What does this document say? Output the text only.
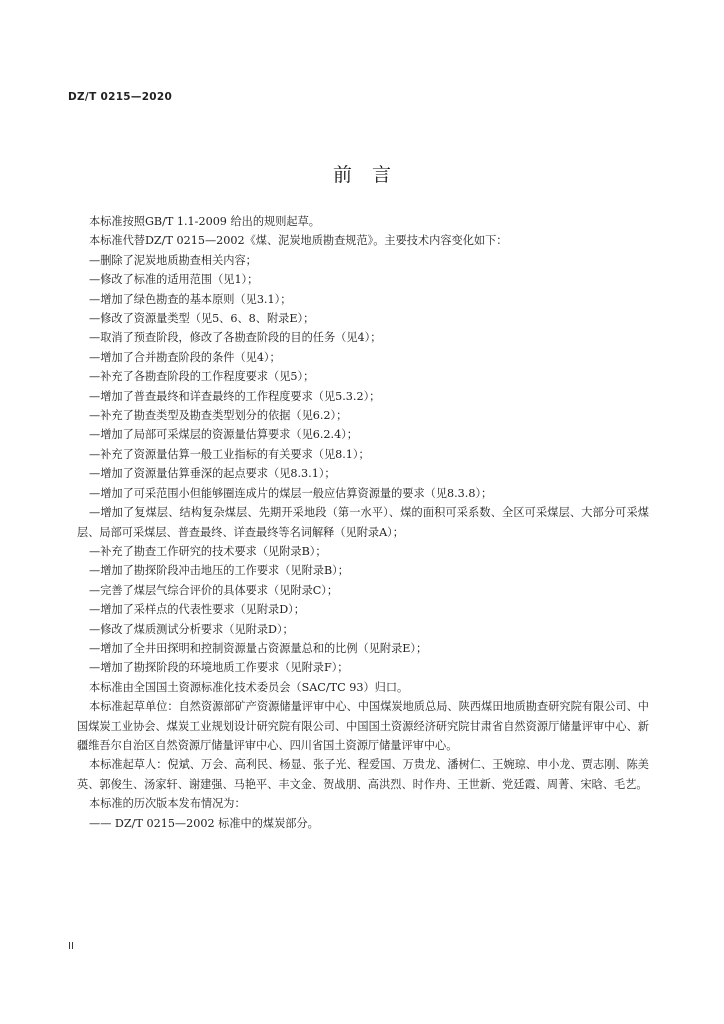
DZ/T 0215—2020
前言

本标准按照GB/T 1.1-2009 给出的规则起草。

本标准代替DZ/T 0215—2002《煤、泥炭地质勘查规范》。主要技术内容变化如下：

—删除了泥炭地质勘查相关内容；

—修改了标准的适用范围（见1）；

—增加了绿色勘查的基本原则（见3.1）；

—修改了资源量类型（见5、6、8、附录E）；

—取消了预查阶段，修改了各勘查阶段的目的任务（见4）；

—增加了合并勘查阶段的条件（见4）；

—补充了各勘查阶段的工作程度要求（见5）；

—增加了普查最终和详查最终的工作程度要求（见5.3.2）；

—补充了勘查类型及勘查类型划分的依据（见6.2）；

—增加了局部可采煤层的资源量估算要求（见6.2.4）；

—补充了资源量估算一般工业指标的有关要求（见8.1）；

—增加了资源量估算垂深的起点要求（见8.3.1）；

—增加了可采范围小但能够圈连成片的煤层一般应估算资源量的要求（见8.3.8）；

—增加了复煤层、结构复杂煤层、先期开采地段（第一水平）、煤的面积可采系数、全区可采煤层、大部分可采煤层、局部可采煤层、普查最终、详查最终等名词解释（见附录A）；

—补充了勘查工作研究的技术要求（见附录B）；

—增加了勘探阶段冲击地压的工作要求（见附录B）；

—完善了煤层气综合评价的具体要求（见附录C）；

—增加了采样点的代表性要求（见附录D）；

—修改了煤质测试分析要求（见附录D）；

—增加了全井田探明和控制资源量占资源量总和的比例（见附录E）；

—增加了勘探阶段的环境地质工作要求（见附录F）；

本标准由全国国土资源标准化技术委员会（SAC/TC 93）归口。

本标准起草单位：自然资源部矿产资源储量评审中心、中国煤炭地质总局、陕西煤田地质勘查研究院有限公司、中国煤炭工业协会、煤炭工业规划设计研究院有限公司、中国国土资源经济研究院甘肃省自然资源厅储量评审中心、新疆维吾尔自治区自然资源厅储量评审中心、四川省国土资源厅储量评审中心。

本标准起草人：倪斌、万会、高利民、杨显、张子光、程爱国、万贵龙、潘树仁、王婉琼、申小龙、贾志刚、陈美英、郭俊生、汤家轩、谢建强、马艳平、丰文金、贺战朋、高洪烈、时作舟、王世新、党廷霞、周菁、宋晗、毛艺。

本标准的历次版本发布情况为：

—— DZ/T 0215—2002 标准中的煤炭部分。

II
